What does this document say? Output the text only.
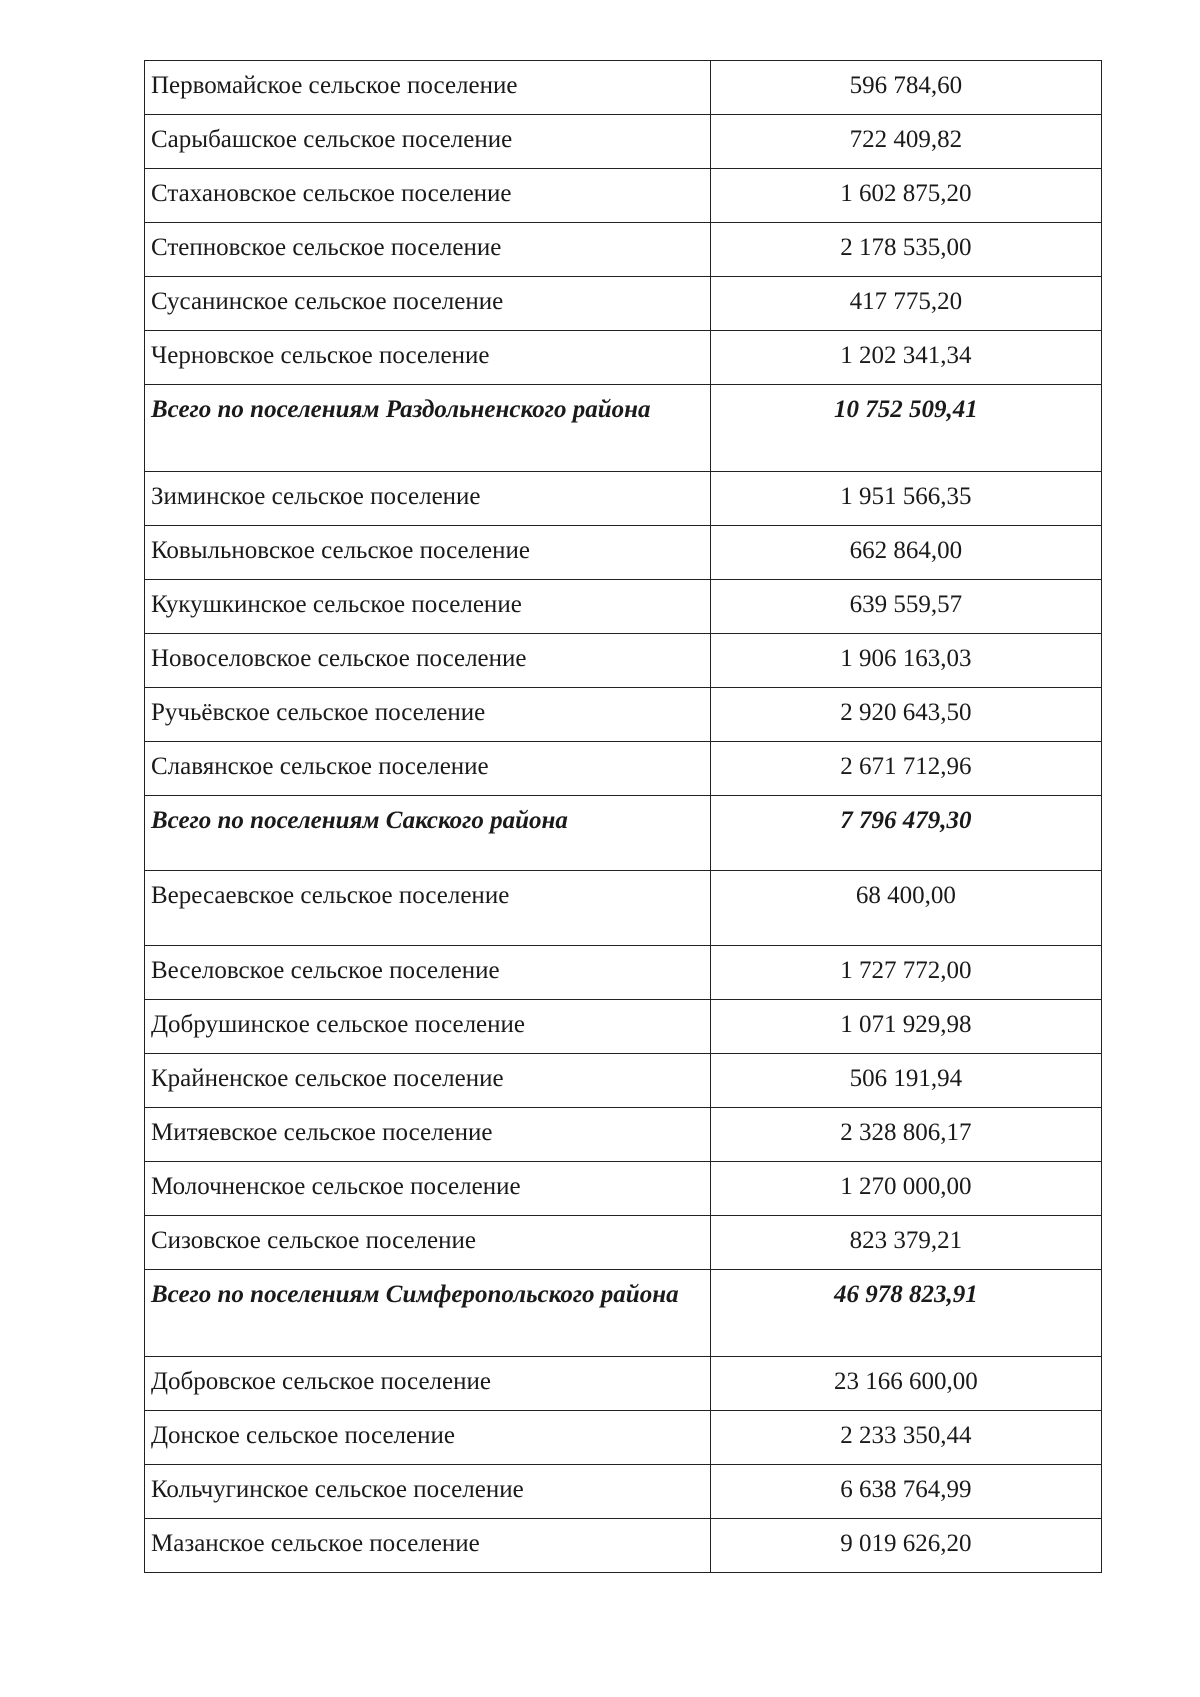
Первомайское сельское поселение	596 784,60
Сарыбашское сельское поселение	722 409,82
Стахановское сельское поселение	1 602 875,20
Степновское сельское поселение	2 178 535,00
Сусанинское сельское поселение	417 775,20
Черновское сельское поселение	1 202 341,34
Всего по поселениям Раздольненского района	10 752 509,41
Зиминское сельское поселение	1 951 566,35
Ковыльновское сельское поселение	662 864,00
Кукушкинское сельское поселение	639 559,57
Новоселовское сельское поселение	1 906 163,03
Ручьёвское сельское поселение	2 920 643,50
Славянское сельское поселение	2 671 712,96
Всего по поселениям Сакского района	7 796 479,30
Вересаевское сельское поселение	68 400,00
Веселовское сельское поселение	1 727 772,00
Добрушинское сельское поселение	1 071 929,98
Крайненское сельское поселение	506 191,94
Митяевское сельское поселение	2 328 806,17
Молочненское сельское поселение	1 270 000,00
Сизовское сельское поселение	823 379,21
Всего по поселениям Симферопольского района	46 978 823,91
Добровское сельское поселение	23 166 600,00
Донское сельское поселение	2 233 350,44
Кольчугинское сельское поселение	6 638 764,99
Мазанское сельское поселение	9 019 626,20
